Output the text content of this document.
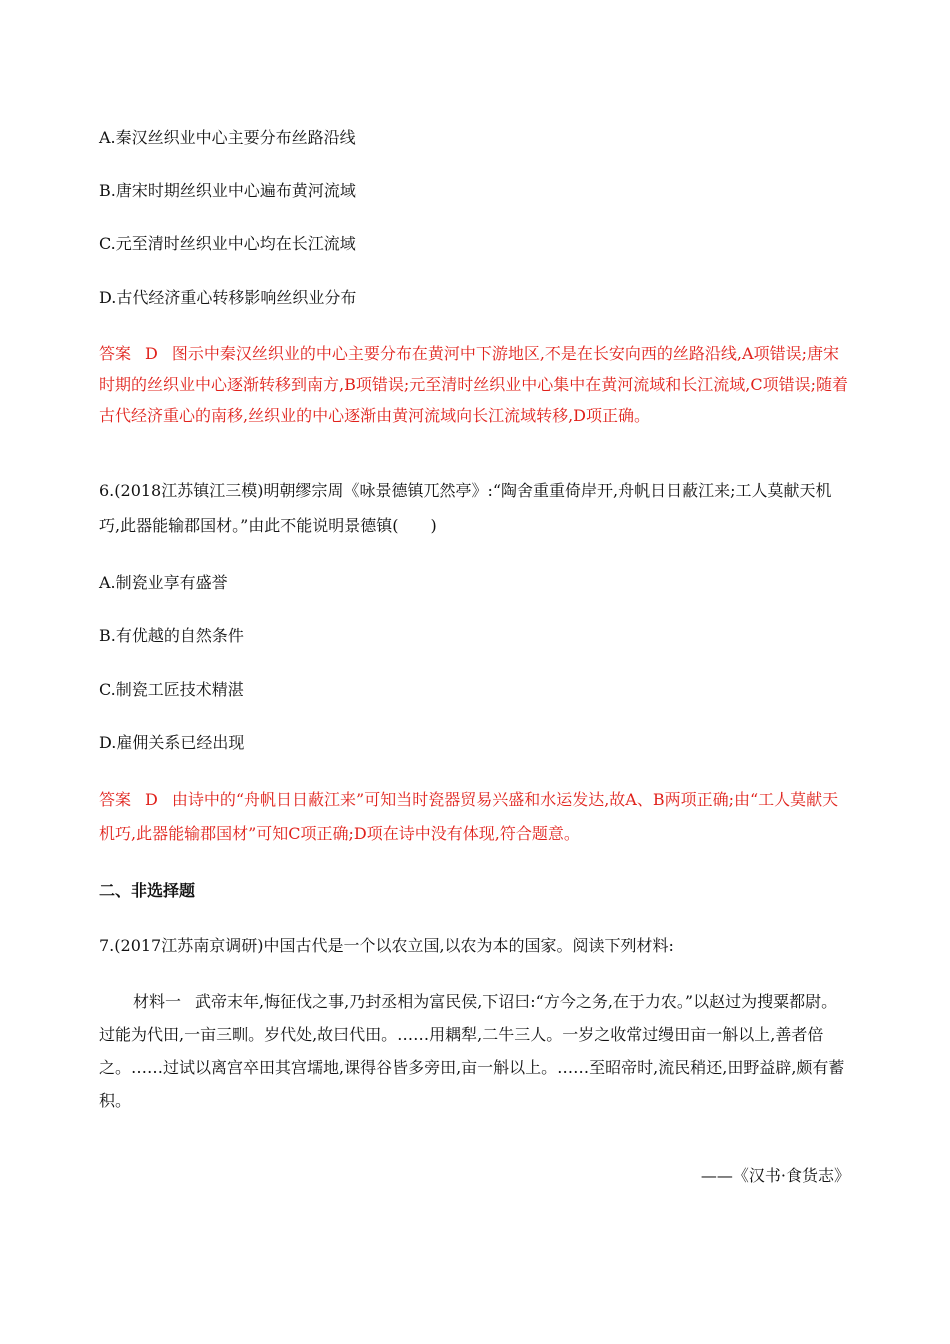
A.秦汉丝织业中心主要分布丝路沿线
B.唐宋时期丝织业中心遍布黄河流域
C.元至清时丝织业中心均在长江流域
D.古代经济重心转移影响丝织业分布
答案 D 图示中秦汉丝织业的中心主要分布在黄河中下游地区,不是在长安向西的丝路沿线,A项错误;唐宋时期的丝织业中心逐渐转移到南方,B项错误;元至清时丝织业中心集中在黄河流域和长江流域,C项错误;随着古代经济重心的南移,丝织业的中心逐渐由黄河流域向长江流域转移,D项正确。
6.(2018江苏镇江三模)明朝缪宗周《咏景德镇兀然亭》:“陶舍重重倚岸开,舟帆日日蔽江来;工人莫献天机巧,此器能输郡国材。”由此不能说明景德镇(　　)
A.制瓷业享有盛誉
B.有优越的自然条件
C.制瓷工匠技术精湛
D.雇佣关系已经出现
答案 D 由诗中的“舟帆日日蔽江来”可知当时瓷器贸易兴盛和水运发达,故A、B两项正确;由“工人莫献天机巧,此器能输郡国材”可知C项正确;D项在诗中没有体现,符合题意。
二、非选择题
7.(2017江苏南京调研)中国古代是一个以农立国,以农为本的国家。阅读下列材料:
材料一 武帝末年,悔征伐之事,乃封丞相为富民侯,下诏曰:“方今之务,在于力农。”以赵过为搜粟都尉。过能为代田,一亩三甽。岁代处,故曰代田。……用耦犁,二牛三人。一岁之收常过缦田亩一斛以上,善者倍之。……过试以离宫卒田其宫壖地,课得谷皆多旁田,亩一斛以上。……至昭帝时,流民稍还,田野益辟,颇有蓄积。
——《汉书·食货志》
